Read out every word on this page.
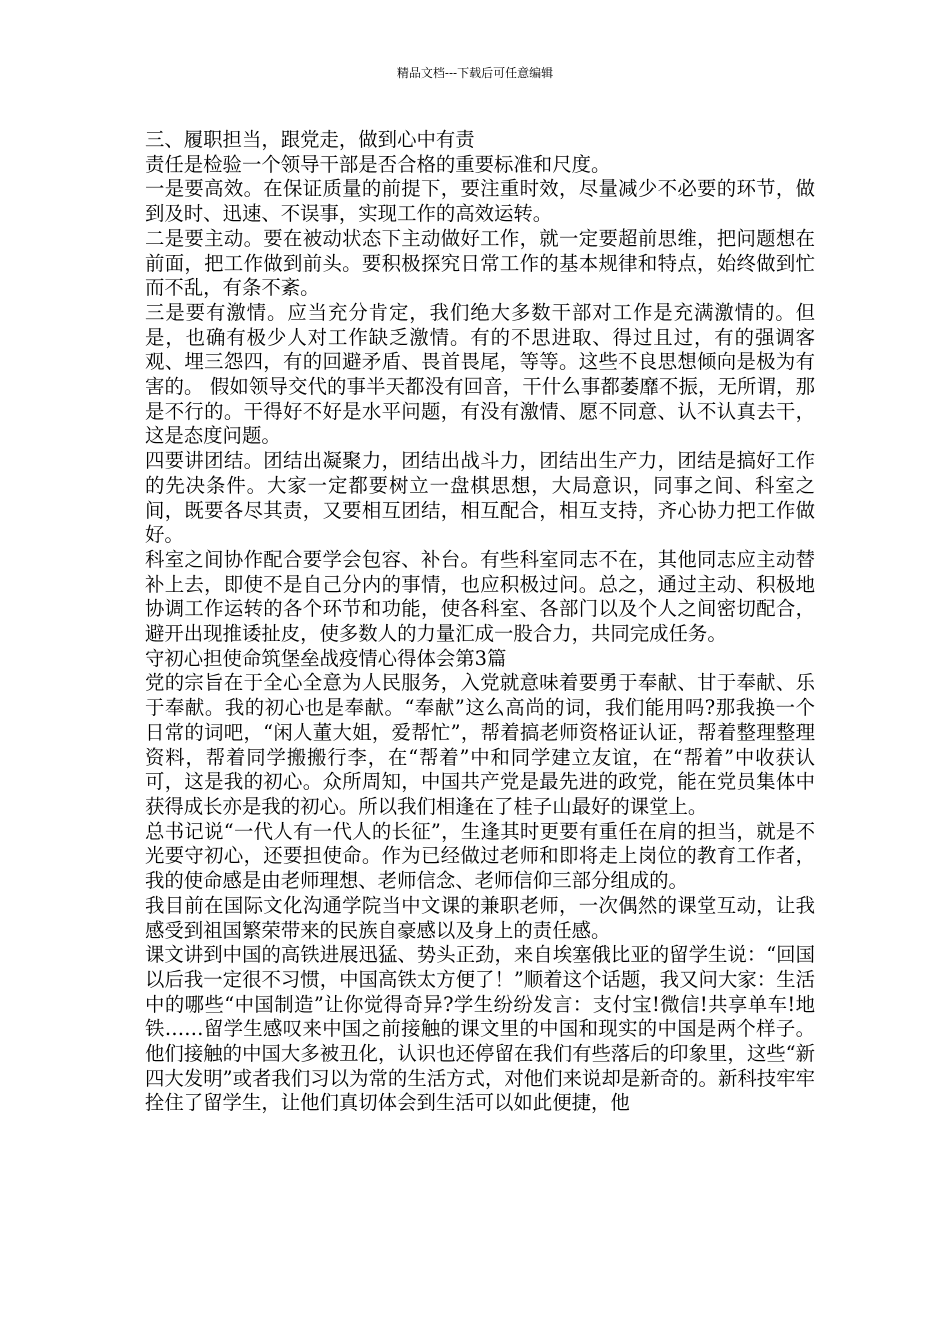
精品文档---下载后可任意编辑

三、履职担当，跟党走，做到心中有责

责任是检验一个领导干部是否合格的重要标准和尺度。

一是要高效。在保证质量的前提下，要注重时效，尽量减少不必要的环节，做到及时、迅速、不误事，实现工作的高效运转。

二是要主动。要在被动状态下主动做好工作，就一定要超前思维，把问题想在前面，把工作做到前头。要积极探究日常工作的基本规律和特点，始终做到忙而不乱，有条不紊。

三是要有激情。应当充分肯定，我们绝大多数干部对工作是充满激情的。但是，也确有极少人对工作缺乏激情。有的不思进取、得过且过，有的强调客观、埋三怨四，有的回避矛盾、畏首畏尾，等等。这些不良思想倾向是极为有害的。 假如领导交代的事半天都没有回音，干什么事都萎靡不振，无所谓，那是不行的。干得好不好是水平问题，有没有激情、愿不同意、认不认真去干，这是态度问题。

四要讲团结。团结出凝聚力，团结出战斗力，团结出生产力，团结是搞好工作的先决条件。大家一定都要树立一盘棋思想，大局意识，同事之间、科室之间，既要各尽其责，又要相互团结，相互配合，相互支持，齐心协力把工作做好。

科室之间协作配合要学会包容、补台。有些科室同志不在，其他同志应主动替补上去，即使不是自己分内的事情，也应积极过问。总之，通过主动、积极地协调工作运转的各个环节和功能，使各科室、各部门以及个人之间密切配合，避开出现推诿扯皮，使多数人的力量汇成一股合力，共同完成任务。

守初心担使命筑堡垒战疫情心得体会第3篇

党的宗旨在于全心全意为人民服务，入党就意味着要勇于奉献、甘于奉献、乐于奉献。我的初心也是奉献。“奉献”这么高尚的词，我们能用吗?那我换一个日常的词吧，“闲人董大姐，爱帮忙”，帮着搞老师资格证认证，帮着整理整理资料，帮着同学搬搬行李，在“帮着”中和同学建立友谊，在“帮着”中收获认可，这是我的初心。众所周知，中国共产党是最先进的政党，能在党员集体中获得成长亦是我的初心。所以我们相逢在了桂子山最好的课堂上。

总书记说“一代人有一代人的长征”，生逢其时更要有重任在肩的担当，就是不光要守初心，还要担使命。作为已经做过老师和即将走上岗位的教育工作者，我的使命感是由老师理想、老师信念、老师信仰三部分组成的。

我目前在国际文化沟通学院当中文课的兼职老师，一次偶然的课堂互动，让我感受到祖国繁荣带来的民族自豪感以及身上的责任感。

课文讲到中国的高铁进展迅猛、势头正劲，来自埃塞俄比亚的留学生说：“回国以后我一定很不习惯，中国高铁太方便了！”顺着这个话题，我又问大家：生活中的哪些“中国制造”让你觉得奇异?学生纷纷发言：支付宝!微信!共享单车!地铁……留学生感叹来中国之前接触的课文里的中国和现实的中国是两个样子。他们接触的中国大多被丑化，认识也还停留在我们有些落后的印象里，这些“新四大发明”或者我们习以为常的生活方式，对他们来说却是新奇的。新科技牢牢拴住了留学生，让他们真切体会到生活可以如此便捷，他
